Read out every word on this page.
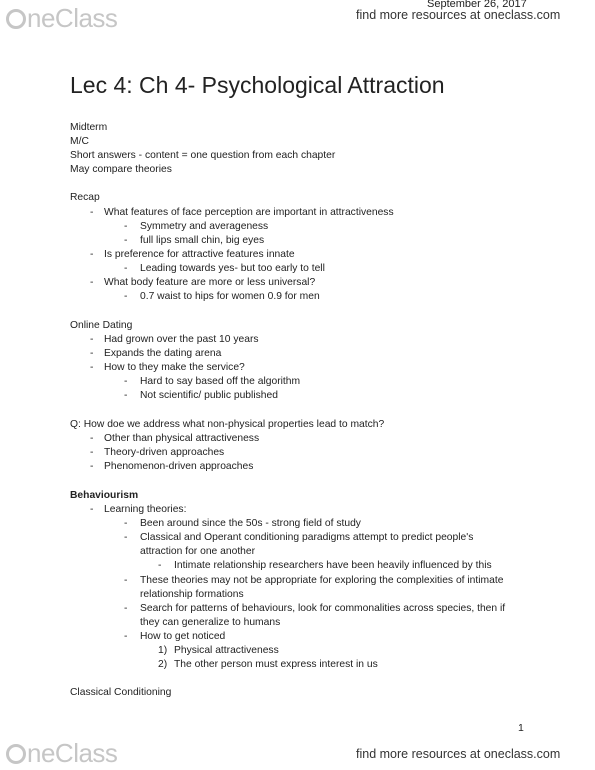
neClass	September 26, 2017
find more resources at oneclass.com
Lec 4: Ch 4- Psychological Attraction
Midterm
M/C
Short answers - content = one question from each chapter
May compare theories
Recap
- What features of face perception are important in attractiveness
- Symmetry and averageness
- full lips small chin, big eyes
- Is preference for attractive features innate
- Leading towards yes- but too early to tell
- What body feature are more or less universal?
- 0.7 waist to hips for women 0.9 for men
Online Dating
- Had grown over the past 10 years
- Expands the dating arena
- How to they make the service?
- Hard to say based off the algorithm
- Not scientific/ public published
Q: How doe we address what non-physical properties lead to match?
- Other than physical attractiveness
- Theory-driven approaches
- Phenomenon-driven approaches
Behaviourism
- Learning theories:
- Been around since the 50s - strong field of study
- Classical and Operant conditioning paradigms attempt to predict people's
attraction for one another
- Intimate relationship researchers have been heavily influenced by this
- These theories may not be appropriate for exploring the complexities of intimate
relationship formations
- Search for patterns of behaviours, look for commonalities across species, then if
they can generalize to humans
- How to get noticed
1) Physical attractiveness
2) The other person must express interest in us
Classical Conditioning
1
neClass	find more resources at oneclass.com
